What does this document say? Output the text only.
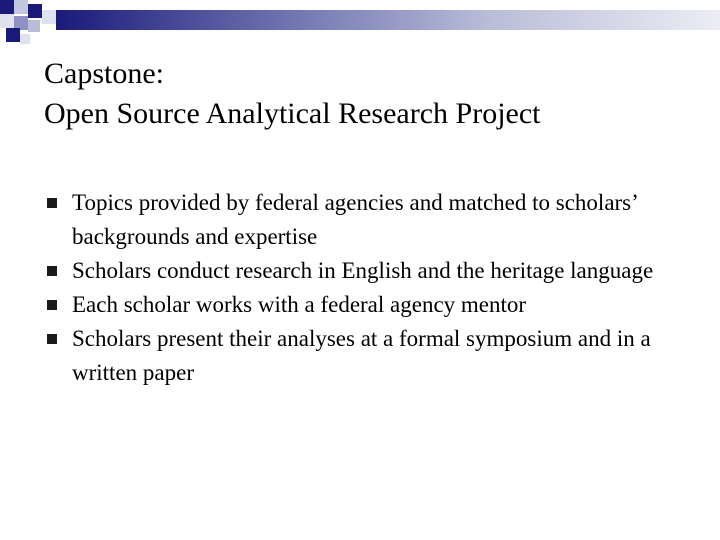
Capstone:
Open Source Analytical Research Project
Topics provided by federal agencies and matched to scholars’ backgrounds and expertise
Scholars conduct research in English and the heritage language
Each scholar works with a federal agency mentor
Scholars present their analyses at a formal symposium and in a written paper
